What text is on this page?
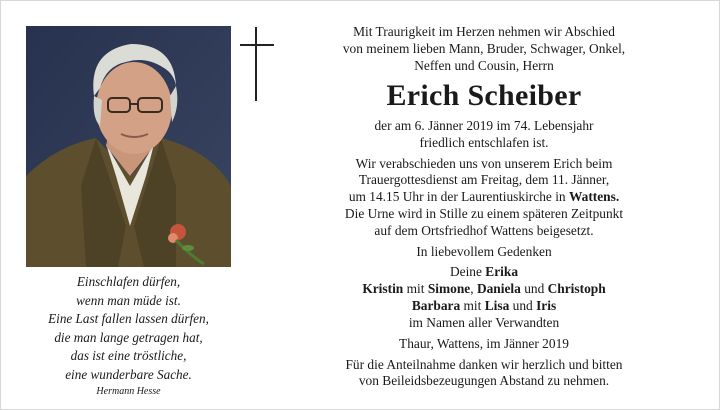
Einschlafen dürfen,
wenn man müde ist.
Eine Last fallen lassen dürfen,
die man lange getragen hat,
das ist eine tröstliche,
eine wunderbare Sache.
Hermann Hesse

Mit Traurigkeit im Herzen nehmen wir Abschied

von meinem lieben Mann, Bruder, Schwager, Onkel,

Neffen und Cousin, Herrn

Erich Scheiber

der am 6. Jänner 2019 im 74. Lebensjahr

friedlich entschlafen ist.

Wir verabschieden uns von unserem Erich beim

Trauergottesdienst am Freitag, dem 11. Jänner,

um 14.15 Uhr in der Laurentiuskirche in Wattens.

Die Urne wird in Stille zu einem späteren Zeitpunkt

auf dem Ortsfriedhof Wattens beigesetzt.

In liebevollem Gedenken

Deine Erika

Kristin mit Simone, Daniela und Christoph

Barbara mit Lisa und Iris

im Namen aller Verwandten

Thaur, Wattens, im Jänner 2019

Für die Anteilnahme danken wir herzlich und bitten

von Beileidsbezeugungen Abstand zu nehmen.
